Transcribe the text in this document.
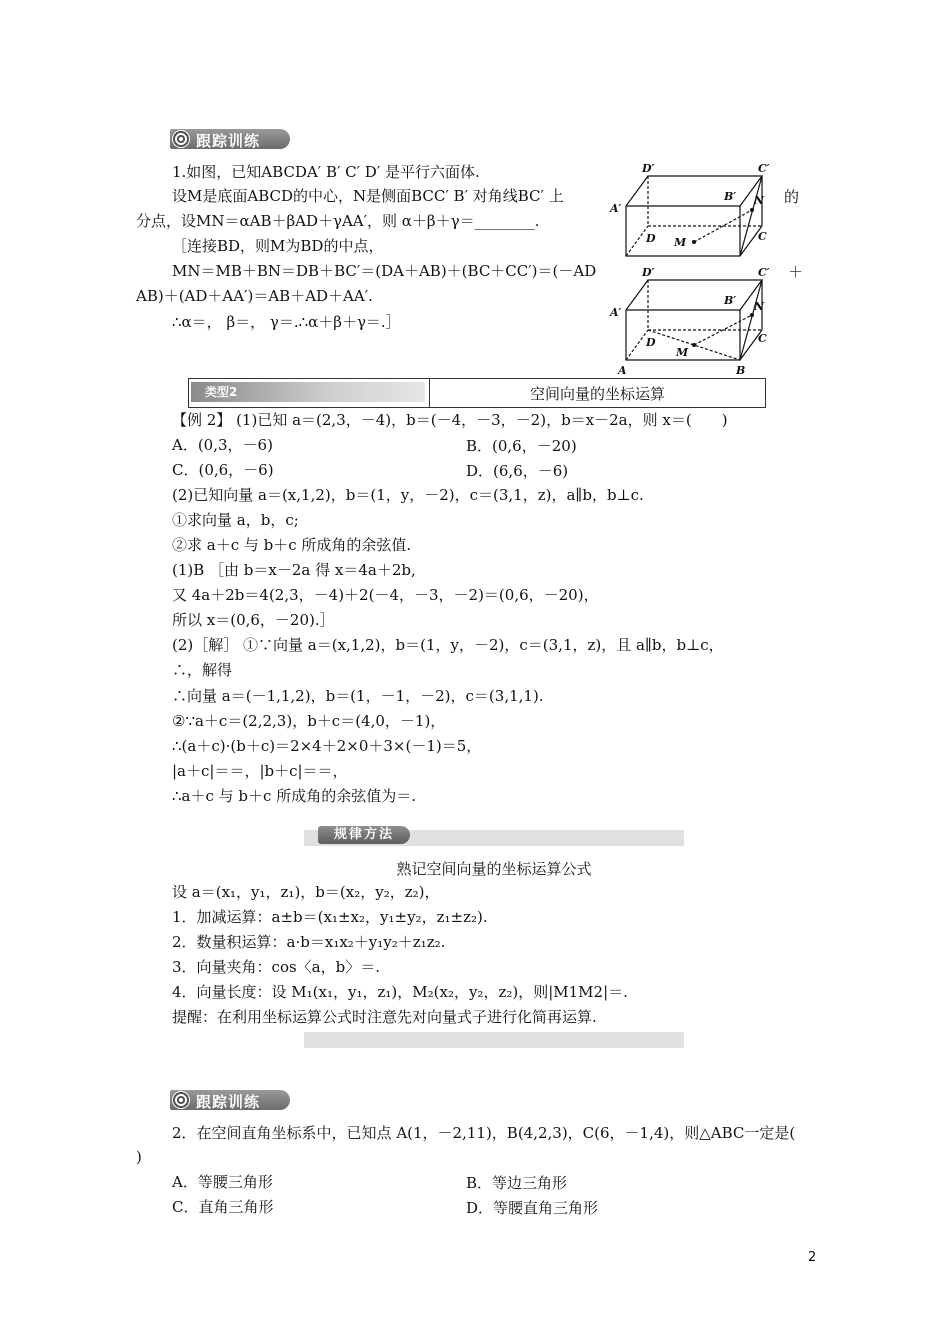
跟踪训练
1.如图，已知ABCDA′ B′ C′ D′ 是平行六面体.
设M是底面ABCD的中心，N是侧面BCC′ B′ 对角线BC′ 上	的
分点，设MN＝αAB＋βAD＋γAA′，则 α＋β＋γ＝________.
［连接BD，则M为BD的中点，
MN＝MB＋BN＝DB＋BC′＝(DA＋AB)＋(BC＋CC′)＝(－AD	＋
AB)＋(AD＋AA′)＝AB＋AD＋AA′.
∴α＝， β＝， γ＝.∴α＋β＋γ＝.］
D′	C′
A′
B′ N
D M	C
D′	C′
A′
B′ N
D
M
C
A	B
类型2	空间向量的坐标运算
【例 2】 (1)已知 a＝(2,3，－4)，b＝(－4，－3，－2)，b＝x－2a，则 x＝(　　)
A．(0,3，－6)	B．(0,6，－20)
C．(0,6，－6)	D．(6,6，－6)
(2)已知向量 a＝(x,1,2)，b＝(1，y，－2)，c＝(3,1，z)，a∥b，b⊥c.
①求向量 a，b，c;
②求 a＋c 与 b＋c 所成角的余弦值.
(1)B ［由 b＝x－2a 得 x＝4a＋2b,
又 4a＋2b＝4(2,3，－4)＋2(－4，－3，－2)＝(0,6，－20)，
所以 x＝(0,6，－20).］
(2)［解］ ①∵向量 a＝(x,1,2)，b＝(1，y，－2)，c＝(3,1，z)，且 a∥b，b⊥c，
∴，解得
∴向量 a＝(－1,1,2)，b＝(1，－1，－2)，c＝(3,1,1).
②∵a＋c＝(2,2,3)，b＋c＝(4,0，－1)，
∴(a＋c)·(b＋c)＝2×4＋2×0＋3×(－1)＝5，
|a＋c|＝＝，|b＋c|＝＝，
∴a＋c 与 b＋c 所成角的余弦值为＝.
规律方法
熟记空间向量的坐标运算公式
设 a＝(x₁，y₁，z₁)，b＝(x₂，y₂，z₂)，
1．加减运算：a±b＝(x₁±x₂，y₁±y₂，z₁±z₂).
2．数量积运算：a·b＝x₁x₂＋y₁y₂＋z₁z₂.
3．向量夹角：cos〈a，b〉＝.
4．向量长度：设 M₁(x₁，y₁，z₁)，M₂(x₂，y₂，z₂)，则|M1M2|＝.
提醒：在利用坐标运算公式时注意先对向量式子进行化简再运算.
跟踪训练
2．在空间直角坐标系中，已知点 A(1，－2,11)，B(4,2,3)，C(6，－1,4)，则△ABC一定是(
)
A．等腰三角形	B．等边三角形
C．直角三角形	D．等腰直角三角形
2
